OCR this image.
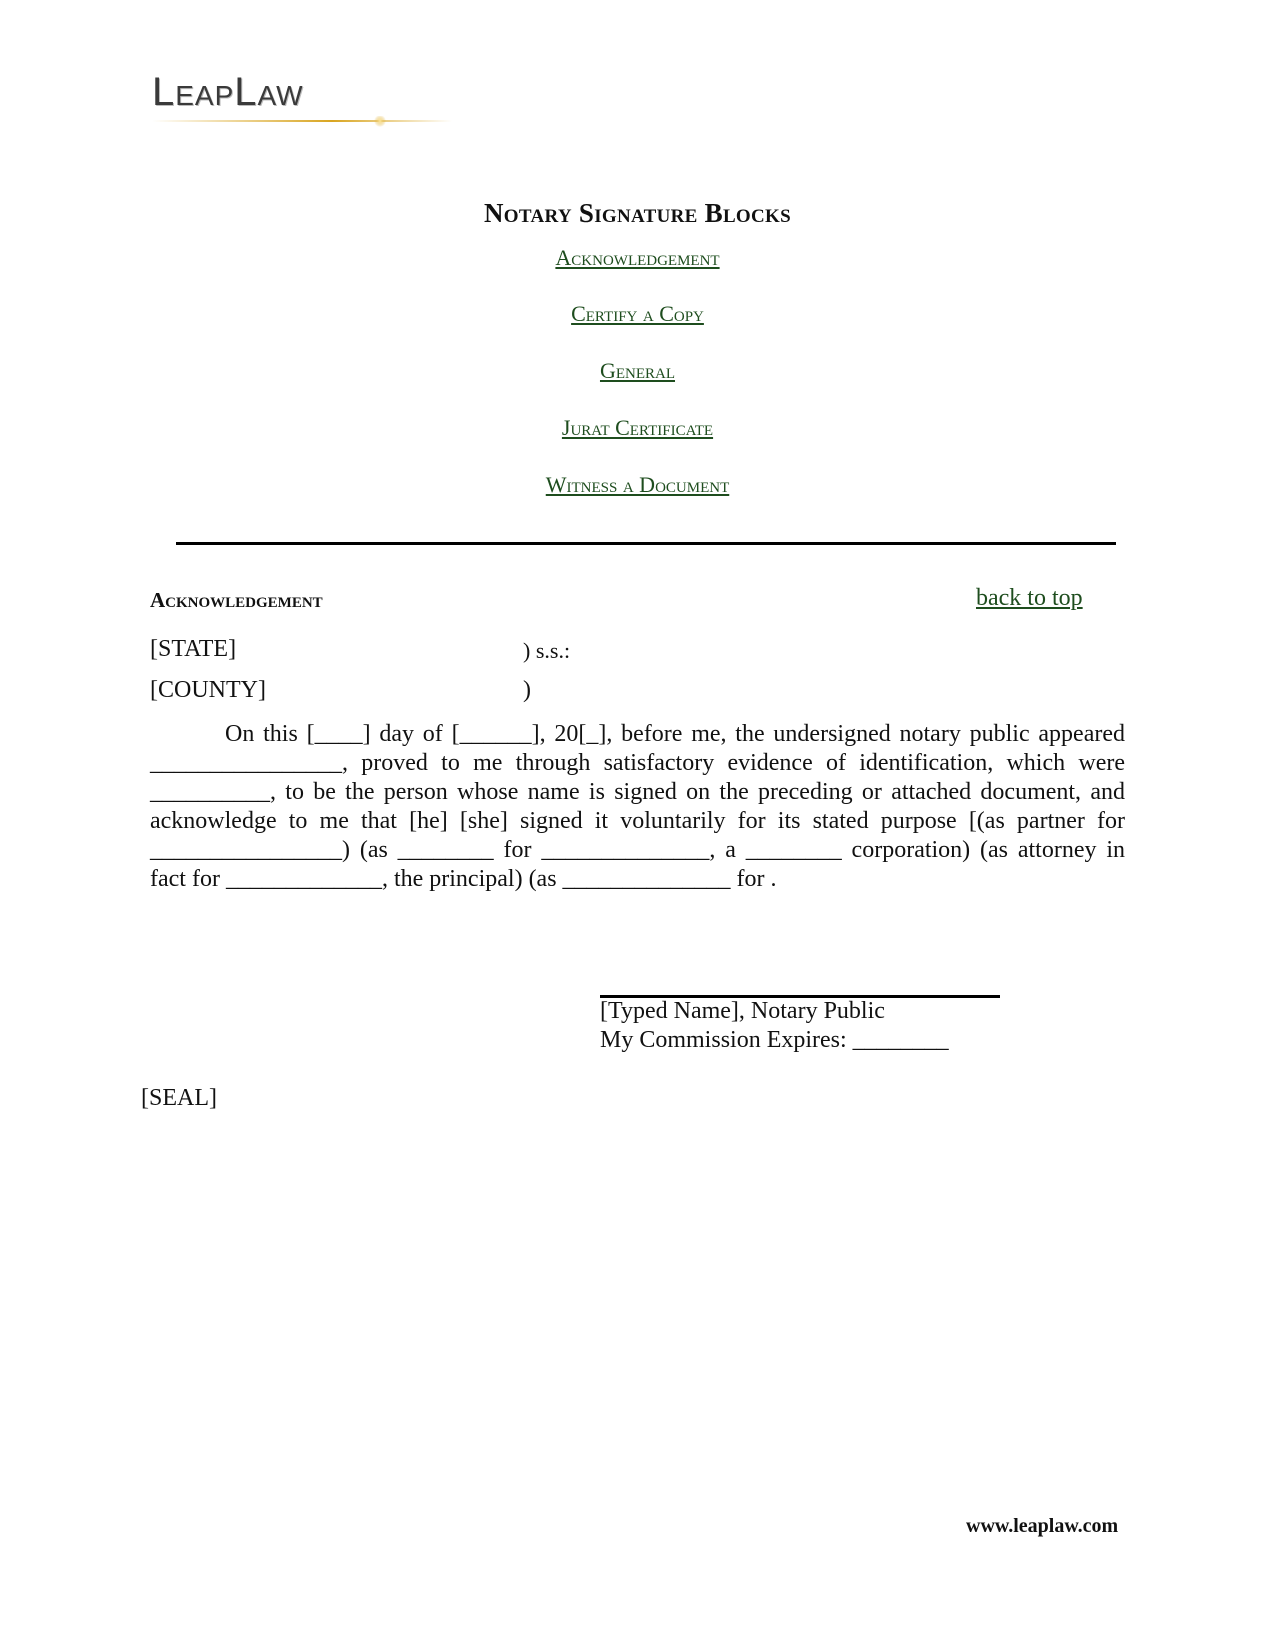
LeapLaw
Notary Signature Blocks
Acknowledgement
Certify a Copy
General
Jurat Certificate
Witness a Document
Acknowledgement	back to top
[STATE]	) s.s.:
[COUNTY]	)

On this [____] day of [______], 20[_], before me, the undersigned notary public appeared ________________, proved to me through satisfactory evidence of identification, which were __________, to be the person whose name is signed on the preceding or attached document, and acknowledge to me that [he] [she] signed it voluntarily for its stated purpose [(as partner for ________________) (as ________ for ______________, a ________ corporation) (as attorney in fact for _____________, the principal) (as ______________ for .

[Typed Name], Notary Public
My Commission Expires: ________
[SEAL]
www.leaplaw.com
